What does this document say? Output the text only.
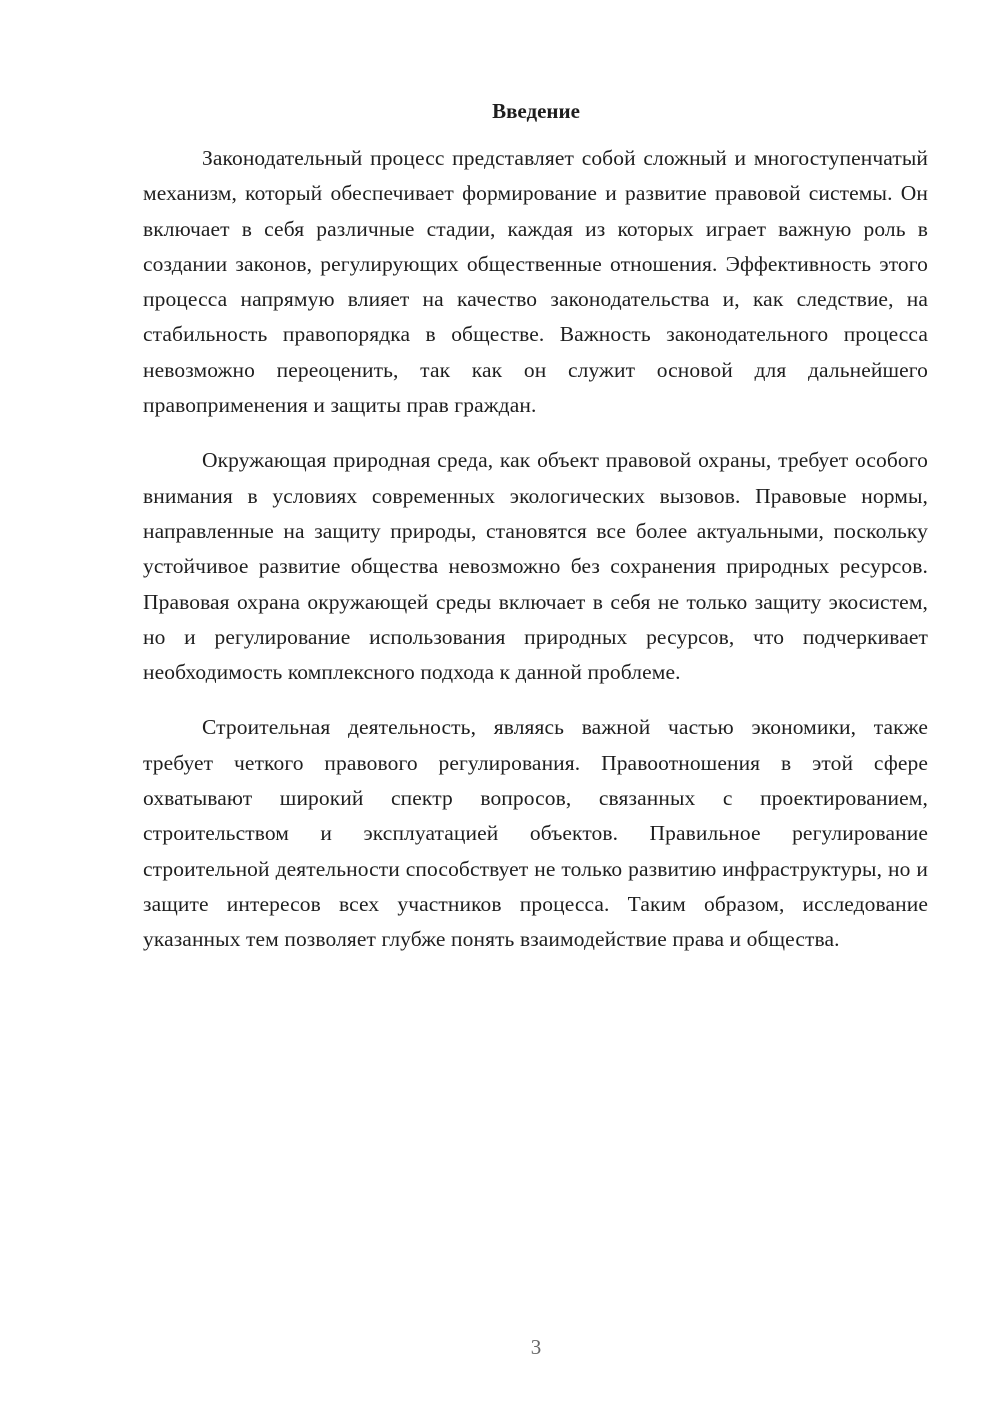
Введение

Законодательный процесс представляет собой сложный и многоступенчатый механизм, который обеспечивает формирование и развитие правовой системы. Он включает в себя различные стадии, каждая из которых играет важную роль в создании законов, регулирующих общественные отношения. Эффективность этого процесса напрямую влияет на качество законодательства и, как следствие, на стабильность правопорядка в обществе. Важность законодательного процесса невозможно переоценить, так как он служит основой для дальнейшего правоприменения и защиты прав граждан.

Окружающая природная среда, как объект правовой охраны, требует особого внимания в условиях современных экологических вызовов. Правовые нормы, направленные на защиту природы, становятся все более актуальными, поскольку устойчивое развитие общества невозможно без сохранения природных ресурсов. Правовая охрана окружающей среды включает в себя не только защиту экосистем, но и регулирование использования природных ресурсов, что подчеркивает необходимость комплексного подхода к данной проблеме.

Строительная деятельность, являясь важной частью экономики, также требует четкого правового регулирования. Правоотношения в этой сфере охватывают широкий спектр вопросов, связанных с проектированием, строительством и эксплуатацией объектов. Правильное регулирование строительной деятельности способствует не только развитию инфраструктуры, но и защите интересов всех участников процесса. Таким образом, исследование указанных тем позволяет глубже понять взаимодействие права и общества.

3
